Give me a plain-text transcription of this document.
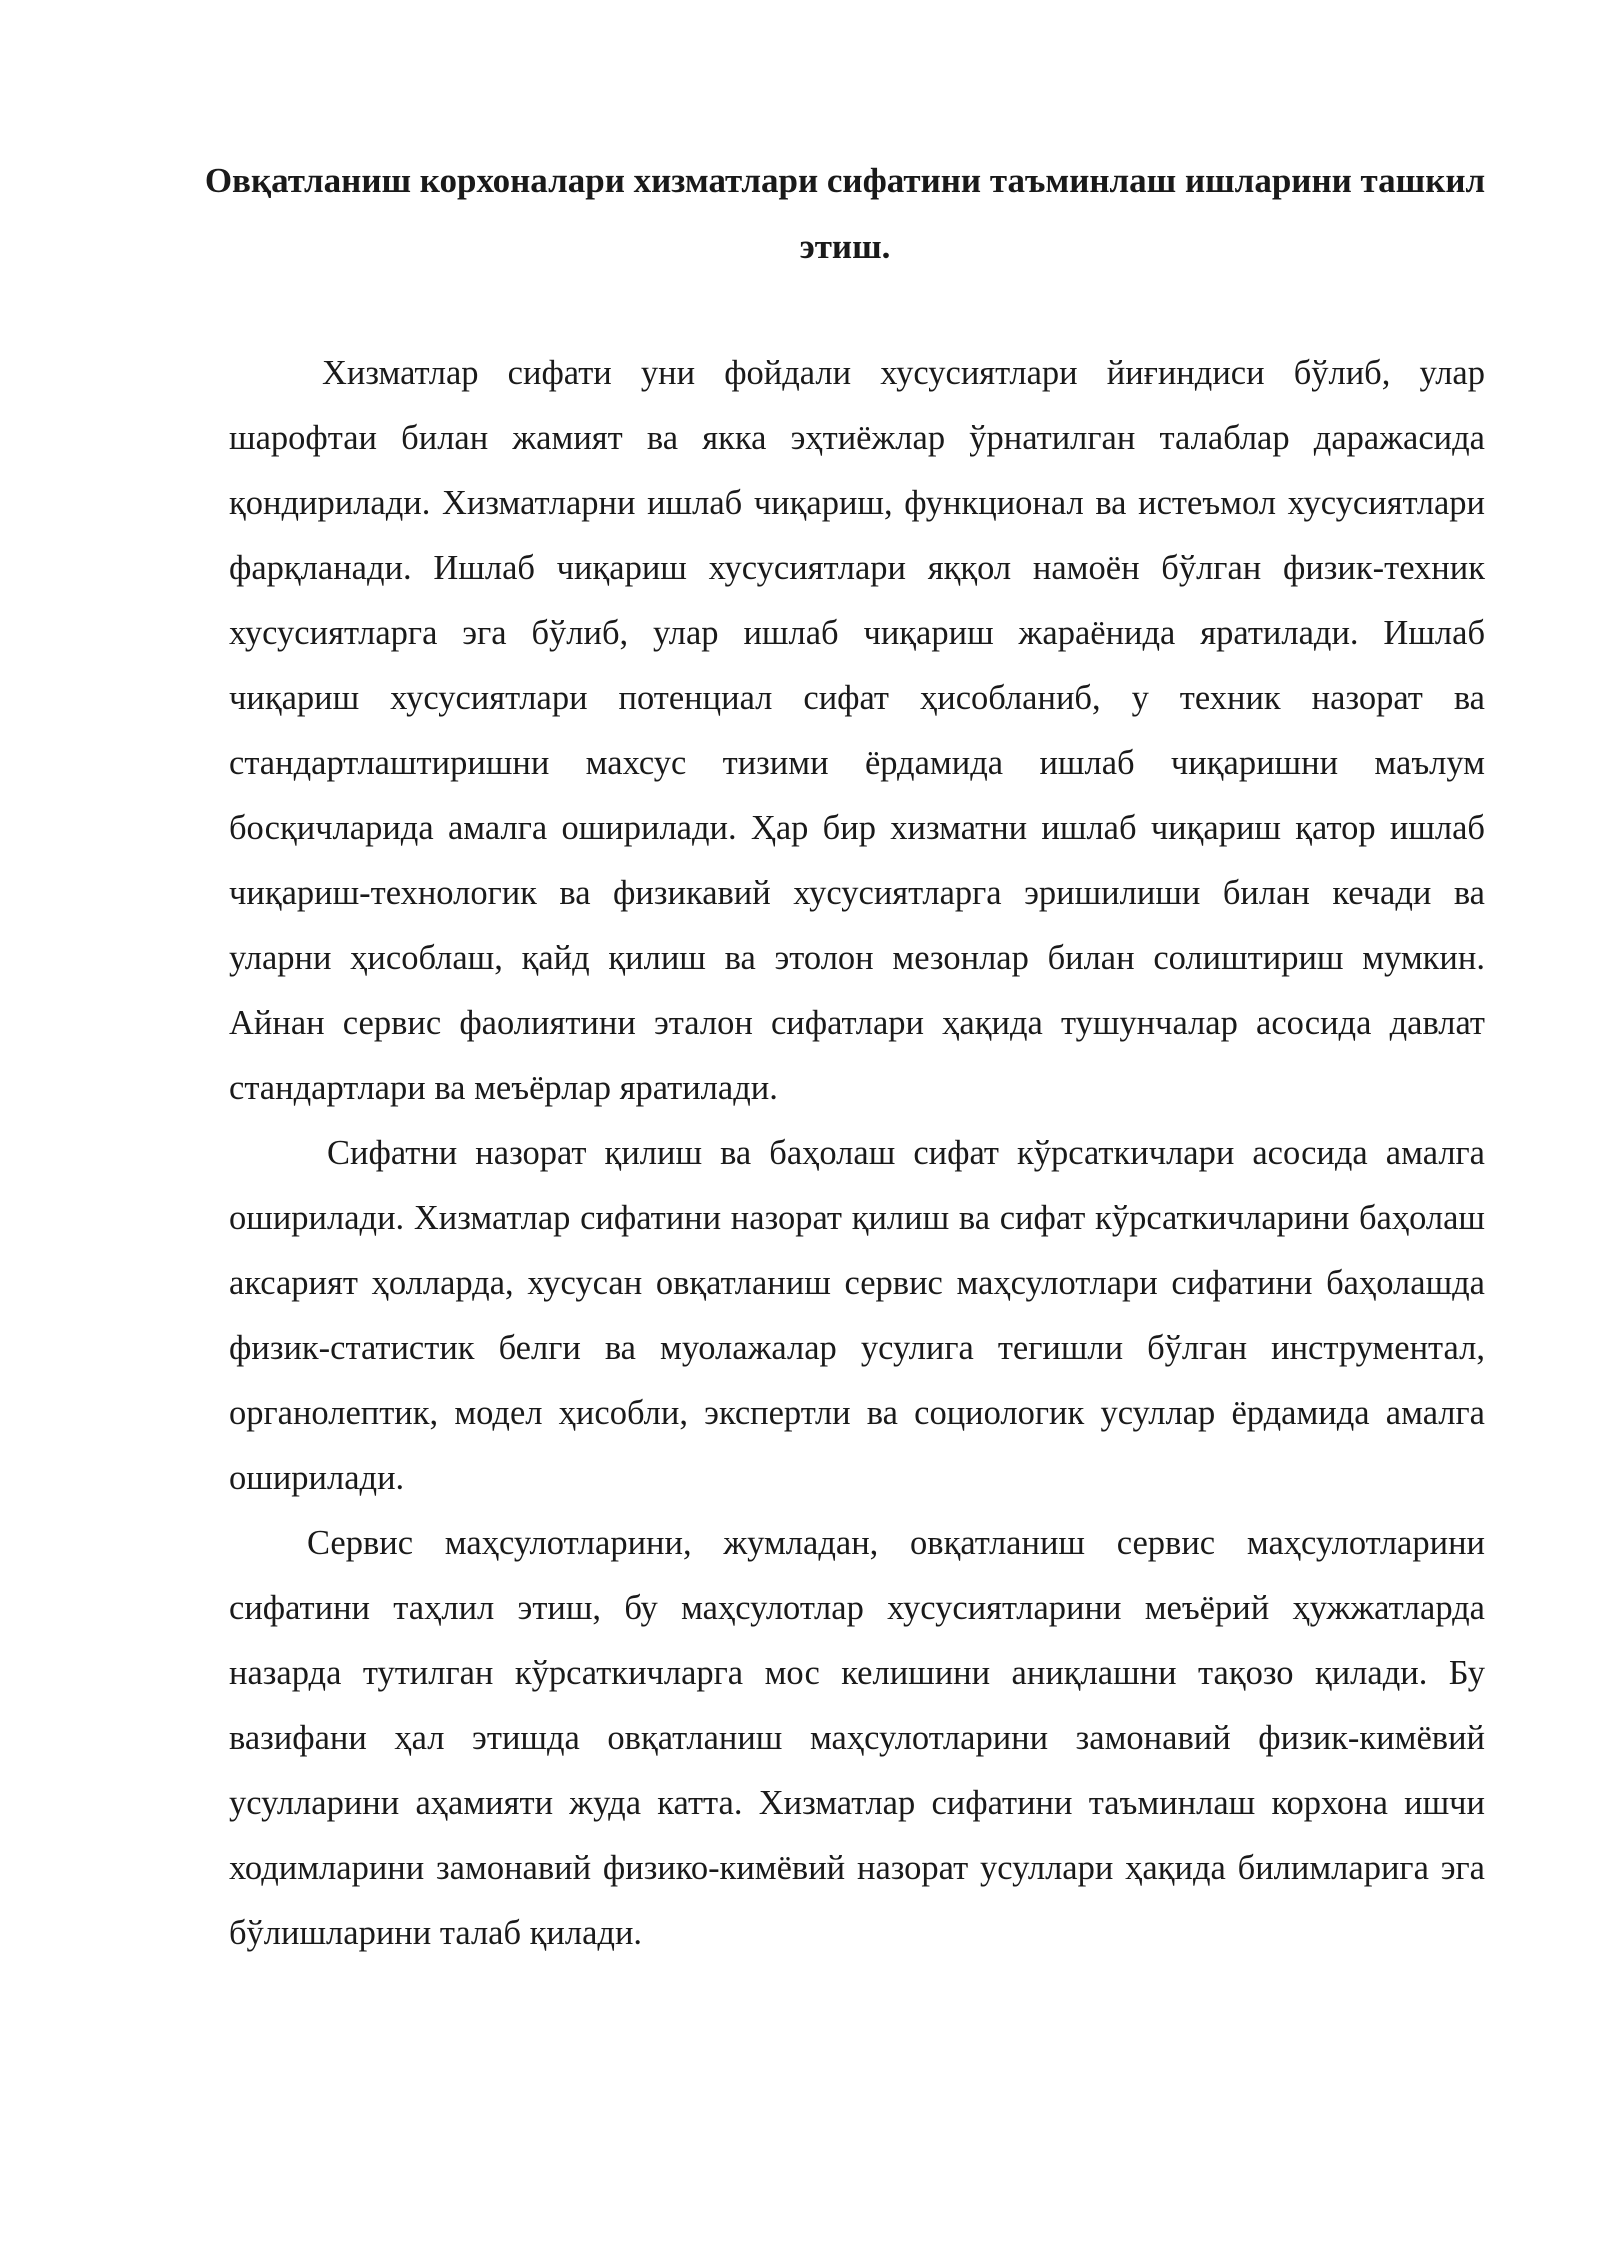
Овқатланиш корхоналари хизматлари сифатини таъминлаш ишларини ташкил этиш.

Хизматлар сифати уни фойдали хусусиятлари йиғиндиси бўлиб, улар шарофтаи билан жамият ва якка эҳтиёжлар ўрнатилган талаблар даражасида қондирилади. Хизматларни ишлаб чиқариш, функционал ва истеъмол хусусиятлари фарқланади. Ишлаб чиқариш хусусиятлари яққол намоён бўлган физик-техник хусусиятларга эга бўлиб, улар ишлаб чиқариш жараёнида яратилади. Ишлаб чиқариш хусусиятлари потенциал сифат ҳисобланиб, у техник назорат ва стандартлаштиришни махсус тизими ёрдамида ишлаб чиқаришни маълум босқичларида амалга оширилади. Ҳар бир хизматни ишлаб чиқариш қатор ишлаб чиқариш-технологик ва физикавий хусусиятларга эришилиши билан кечади ва уларни ҳисоблаш, қайд қилиш ва этолон мезонлар билан солиштириш мумкин. Айнан сервис фаолиятини эталон сифатлари ҳақида тушунчалар асосида давлат стандартлари ва меъёрлар яратилади.

Сифатни назорат қилиш ва баҳолаш сифат кўрсаткичлари асосида амалга оширилади. Хизматлар сифатини назорат қилиш ва сифат кўрсаткичларини баҳолаш аксарият ҳолларда, хусусан овқатланиш сервис маҳсулотлари сифатини баҳолашда физик-статистик белги ва муолажалар усулига тегишли бўлган инструментал, органолептик, модел ҳисобли, экспертли ва социологик усуллар ёрдамида амалга оширилади.

Сервис маҳсулотларини, жумладан, овқатланиш сервис маҳсулотларини сифатини таҳлил этиш, бу маҳсулотлар хусусиятларини меъёрий ҳужжатларда назарда тутилган кўрсаткичларга мос келишини аниқлашни тақозо қилади. Бу вазифани ҳал этишда овқатланиш маҳсулотларини замонавий физик-кимёвий усулларини аҳамияти жуда катта. Хизматлар сифатини таъминлаш корхона ишчи ходимларини замонавий физико-кимёвий назорат усуллари ҳақида билимларига эга бўлишларини талаб қилади.
